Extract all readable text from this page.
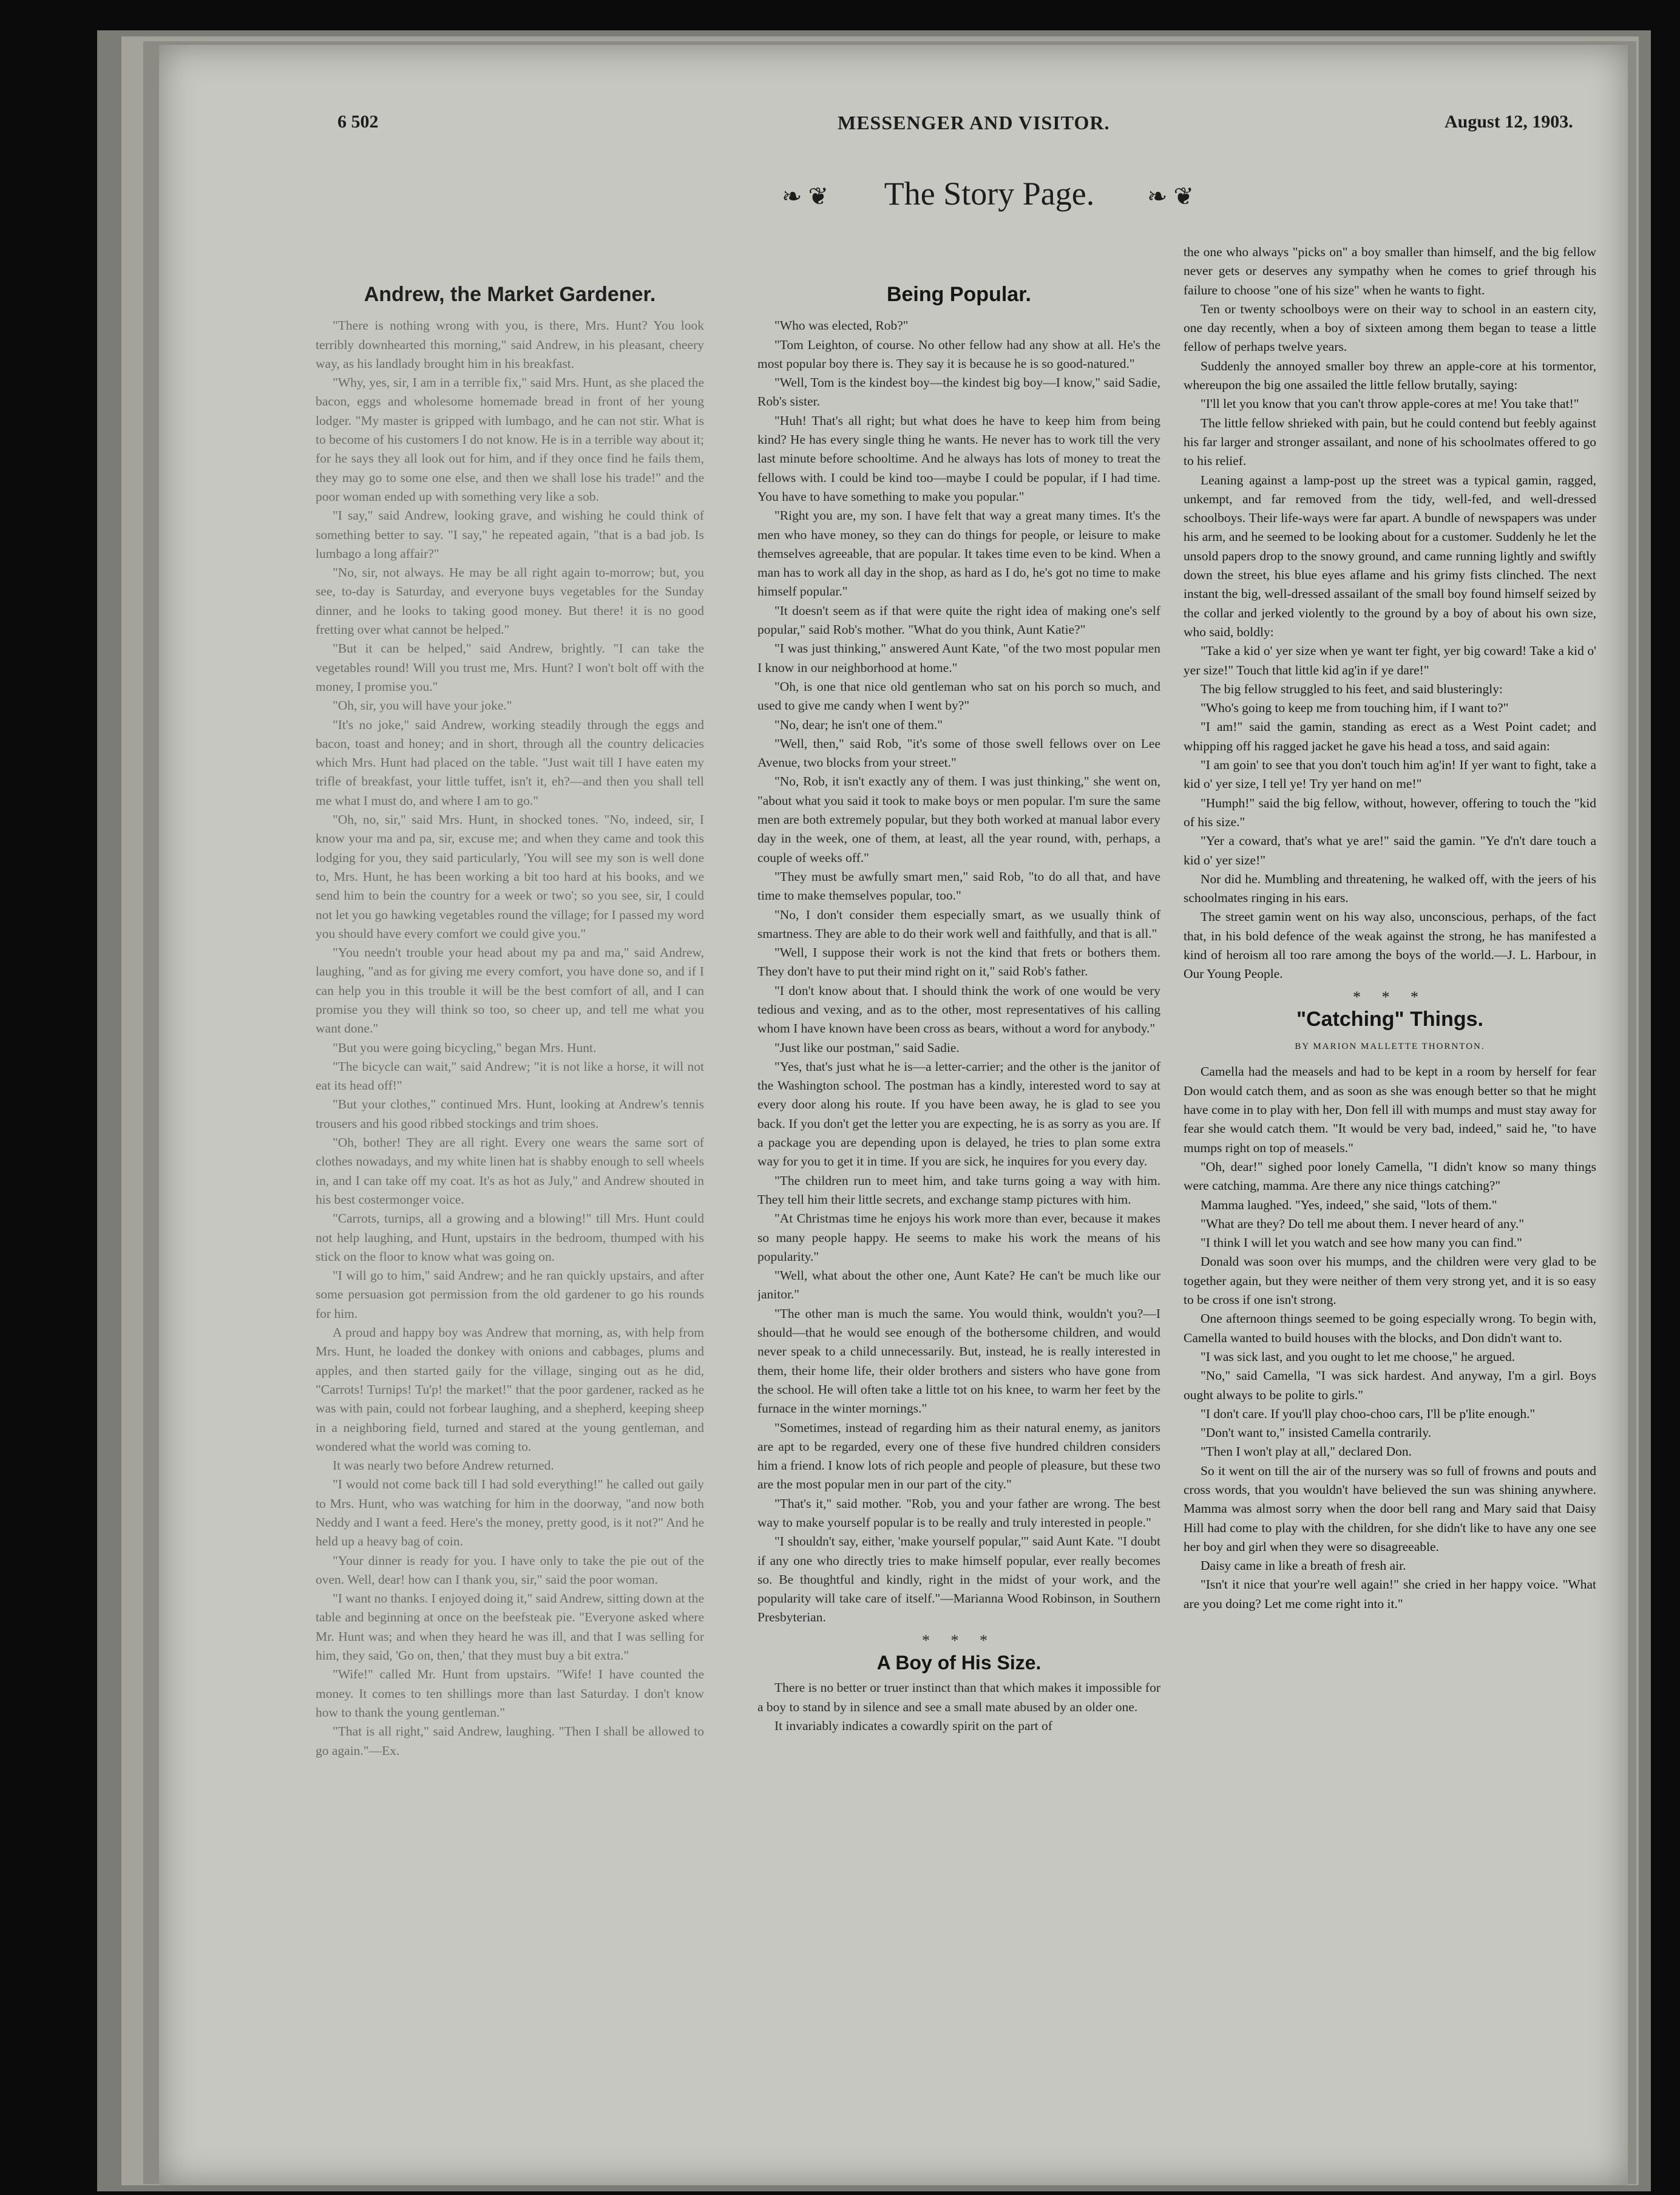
6 502	MESSENGER AND VISITOR.	August 12, 1903.
❧ ❦	The Story Page.	❧ ❦
Andrew, the Market Gardener.

"There is nothing wrong with you, is there, Mrs. Hunt? You look terribly downhearted this morning," said Andrew, in his pleasant, cheery way, as his landlady brought him in his breakfast.

"Why, yes, sir, I am in a terrible fix," said Mrs. Hunt, as she placed the bacon, eggs and wholesome homemade bread in front of her young lodger. "My master is gripped with lumbago, and he can not stir. What is to become of his customers I do not know. He is in a terrible way about it; for he says they all look out for him, and if they once find he fails them, they may go to some one else, and then we shall lose his trade!" and the poor woman ended up with something very like a sob.

"I say," said Andrew, looking grave, and wishing he could think of something better to say. "I say," he repeated again, "that is a bad job. Is lumbago a long affair?"

"No, sir, not always. He may be all right again to-morrow; but, you see, to-day is Saturday, and everyone buys vegetables for the Sunday dinner, and he looks to taking good money. But there! it is no good fretting over what cannot be helped."

"But it can be helped," said Andrew, brightly. "I can take the vegetables round! Will you trust me, Mrs. Hunt? I won't bolt off with the money, I promise you."

"Oh, sir, you will have your joke."

"It's no joke," said Andrew, working steadily through the eggs and bacon, toast and honey; and in short, through all the country delicacies which Mrs. Hunt had placed on the table. "Just wait till I have eaten my trifle of breakfast, your little tuffet, isn't it, eh?—and then you shall tell me what I must do, and where I am to go."

"Oh, no, sir," said Mrs. Hunt, in shocked tones. "No, indeed, sir, I know your ma and pa, sir, excuse me; and when they came and took this lodging for you, they said particularly, 'You will see my son is well done to, Mrs. Hunt, he has been working a bit too hard at his books, and we send him to bein the country for a week or two'; so you see, sir, I could not let you go hawking vegetables round the village; for I passed my word you should have every comfort we could give you."

"You needn't trouble your head about my pa and ma," said Andrew, laughing, "and as for giving me every comfort, you have done so, and if I can help you in this trouble it will be the best comfort of all, and I can promise you they will think so too, so cheer up, and tell me what you want done."

"But you were going bicycling," began Mrs. Hunt.

"The bicycle can wait," said Andrew; "it is not like a horse, it will not eat its head off!"

"But your clothes," continued Mrs. Hunt, looking at Andrew's tennis trousers and his good ribbed stockings and trim shoes.

"Oh, bother! They are all right. Every one wears the same sort of clothes nowadays, and my white linen hat is shabby enough to sell wheels in, and I can take off my coat. It's as hot as July," and Andrew shouted in his best costermonger voice.

"Carrots, turnips, all a growing and a blowing!" till Mrs. Hunt could not help laughing, and Hunt, upstairs in the bedroom, thumped with his stick on the floor to know what was going on.

"I will go to him," said Andrew; and he ran quickly upstairs, and after some persuasion got permission from the old gardener to go his rounds for him.

A proud and happy boy was Andrew that morning, as, with help from Mrs. Hunt, he loaded the donkey with onions and cabbages, plums and apples, and then started gaily for the village, singing out as he did, "Carrots! Turnips! Tu'p! the market!" that the poor gardener, racked as he was with pain, could not forbear laughing, and a shepherd, keeping sheep in a neighboring field, turned and stared at the young gentleman, and wondered what the world was coming to.

It was nearly two before Andrew returned.

"I would not come back till I had sold everything!" he called out gaily to Mrs. Hunt, who was watching for him in the doorway, "and now both Neddy and I want a feed. Here's the money, pretty good, is it not?" And he held up a heavy bag of coin.

"Your dinner is ready for you. I have only to take the pie out of the oven. Well, dear! how can I thank you, sir," said the poor woman.

"I want no thanks. I enjoyed doing it," said Andrew, sitting down at the table and beginning at once on the beefsteak pie. "Everyone asked where Mr. Hunt was; and when they heard he was ill, and that I was selling for him, they said, 'Go on, then,' that they must buy a bit extra."

"Wife!" called Mr. Hunt from upstairs. "Wife! I have counted the money. It comes to ten shillings more than last Saturday. I don't know how to thank the young gentleman."

"That is all right," said Andrew, laughing. "Then I shall be allowed to go again."—Ex.

Being Popular.

"Who was elected, Rob?"

"Tom Leighton, of course. No other fellow had any show at all. He's the most popular boy there is. They say it is because he is so good-natured."

"Well, Tom is the kindest boy—the kindest big boy—I know," said Sadie, Rob's sister.

"Huh! That's all right; but what does he have to keep him from being kind? He has every single thing he wants. He never has to work till the very last minute before schooltime. And he always has lots of money to treat the fellows with. I could be kind too—maybe I could be popular, if I had time. You have to have something to make you popular."

"Right you are, my son. I have felt that way a great many times. It's the men who have money, so they can do things for people, or leisure to make themselves agreeable, that are popular. It takes time even to be kind. When a man has to work all day in the shop, as hard as I do, he's got no time to make himself popular."

"It doesn't seem as if that were quite the right idea of making one's self popular," said Rob's mother. "What do you think, Aunt Katie?"

"I was just thinking," answered Aunt Kate, "of the two most popular men I know in our neighborhood at home."

"Oh, is one that nice old gentleman who sat on his porch so much, and used to give me candy when I went by?"

"No, dear; he isn't one of them."

"Well, then," said Rob, "it's some of those swell fellows over on Lee Avenue, two blocks from your street."

"No, Rob, it isn't exactly any of them. I was just thinking," she went on, "about what you said it took to make boys or men popular. I'm sure the same men are both extremely popular, but they both worked at manual labor every day in the week, one of them, at least, all the year round, with, perhaps, a couple of weeks off."

"They must be awfully smart men," said Rob, "to do all that, and have time to make themselves popular, too."

"No, I don't consider them especially smart, as we usually think of smartness. They are able to do their work well and faithfully, and that is all."

"Well, I suppose their work is not the kind that frets or bothers them. They don't have to put their mind right on it," said Rob's father.

"I don't know about that. I should think the work of one would be very tedious and vexing, and as to the other, most representatives of his calling whom I have known have been cross as bears, without a word for anybody."

"Just like our postman," said Sadie.

"Yes, that's just what he is—a letter-carrier; and the other is the janitor of the Washington school. The postman has a kindly, interested word to say at every door along his route. If you have been away, he is glad to see you back. If you don't get the letter you are expecting, he is as sorry as you are. If a package you are depending upon is delayed, he tries to plan some extra way for you to get it in time. If you are sick, he inquires for you every day.

"The children run to meet him, and take turns going a way with him. They tell him their little secrets, and exchange stamp pictures with him.

"At Christmas time he enjoys his work more than ever, because it makes so many people happy. He seems to make his work the means of his popularity."

"Well, what about the other one, Aunt Kate? He can't be much like our janitor."

"The other man is much the same. You would think, wouldn't you?—I should—that he would see enough of the bothersome children, and would never speak to a child unnecessarily. But, instead, he is really interested in them, their home life, their older brothers and sisters who have gone from the school. He will often take a little tot on his knee, to warm her feet by the furnace in the winter mornings."

"Sometimes, instead of regarding him as their natural enemy, as janitors are apt to be regarded, every one of these five hundred children considers him a friend. I know lots of rich people and people of pleasure, but these two are the most popular men in our part of the city."

"That's it," said mother. "Rob, you and your father are wrong. The best way to make yourself popular is to be really and truly interested in people."

"I shouldn't say, either, 'make yourself popular,'" said Aunt Kate. "I doubt if any one who directly tries to make himself popular, ever really becomes so. Be thoughtful and kindly, right in the midst of your work, and the popularity will take care of itself."—Marianna Wood Robinson, in Southern Presbyterian.

* * *
A Boy of His Size.

There is no better or truer instinct than that which makes it impossible for a boy to stand by in silence and see a small mate abused by an older one.

It invariably indicates a cowardly spirit on the part of

the one who always "picks on" a boy smaller than himself, and the big fellow never gets or deserves any sympathy when he comes to grief through his failure to choose "one of his size" when he wants to fight.

Ten or twenty schoolboys were on their way to school in an eastern city, one day recently, when a boy of sixteen among them began to tease a little fellow of perhaps twelve years.

Suddenly the annoyed smaller boy threw an apple-core at his tormentor, whereupon the big one assailed the little fellow brutally, saying:

"I'll let you know that you can't throw apple-cores at me! You take that!"

The little fellow shrieked with pain, but he could contend but feebly against his far larger and stronger assailant, and none of his schoolmates offered to go to his relief.

Leaning against a lamp-post up the street was a typical gamin, ragged, unkempt, and far removed from the tidy, well-fed, and well-dressed schoolboys. Their life-ways were far apart. A bundle of newspapers was under his arm, and he seemed to be looking about for a customer. Suddenly he let the unsold papers drop to the snowy ground, and came running lightly and swiftly down the street, his blue eyes aflame and his grimy fists clinched. The next instant the big, well-dressed assailant of the small boy found himself seized by the collar and jerked violently to the ground by a boy of about his own size, who said, boldly:

"Take a kid o' yer size when ye want ter fight, yer big coward! Take a kid o' yer size!" Touch that little kid ag'in if ye dare!"

The big fellow struggled to his feet, and said blusteringly:

"Who's going to keep me from touching him, if I want to?"

"I am!" said the gamin, standing as erect as a West Point cadet; and whipping off his ragged jacket he gave his head a toss, and said again:

"I am goin' to see that you don't touch him ag'in! If yer want to fight, take a kid o' yer size, I tell ye! Try yer hand on me!"

"Humph!" said the big fellow, without, however, offering to touch the "kid of his size."

"Yer a coward, that's what ye are!" said the gamin. "Ye d'n't dare touch a kid o' yer size!"

Nor did he. Mumbling and threatening, he walked off, with the jeers of his schoolmates ringing in his ears.

The street gamin went on his way also, unconscious, perhaps, of the fact that, in his bold defence of the weak against the strong, he has manifested a kind of heroism all too rare among the boys of the world.—J. L. Harbour, in Our Young People.

* * *
"Catching" Things.
BY MARION MALLETTE THORNTON.

Camella had the measels and had to be kept in a room by herself for fear Don would catch them, and as soon as she was enough better so that he might have come in to play with her, Don fell ill with mumps and must stay away for fear she would catch them. "It would be very bad, indeed," said he, "to have mumps right on top of measels."

"Oh, dear!" sighed poor lonely Camella, "I didn't know so many things were catching, mamma. Are there any nice things catching?"

Mamma laughed. "Yes, indeed," she said, "lots of them."

"What are they? Do tell me about them. I never heard of any."

"I think I will let you watch and see how many you can find."

Donald was soon over his mumps, and the children were very glad to be together again, but they were neither of them very strong yet, and it is so easy to be cross if one isn't strong.

One afternoon things seemed to be going especially wrong. To begin with, Camella wanted to build houses with the blocks, and Don didn't want to.

"I was sick last, and you ought to let me choose," he argued.

"No," said Camella, "I was sick hardest. And anyway, I'm a girl. Boys ought always to be polite to girls."

"I don't care. If you'll play choo-choo cars, I'll be p'lite enough."

"Don't want to," insisted Camella contrarily.

"Then I won't play at all," declared Don.

So it went on till the air of the nursery was so full of frowns and pouts and cross words, that you wouldn't have believed the sun was shining anywhere. Mamma was almost sorry when the door bell rang and Mary said that Daisy Hill had come to play with the children, for she didn't like to have any one see her boy and girl when they were so disagreeable.

Daisy came in like a breath of fresh air.

"Isn't it nice that your're well again!" she cried in her happy voice. "What are you doing? Let me come right into it."
